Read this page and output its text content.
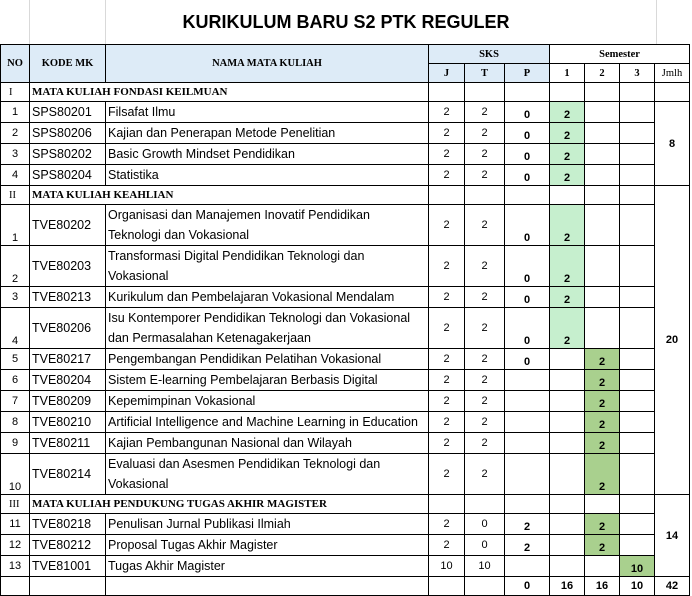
KURIKULUM BARU S2 PTK REGULER
NO	KODE MK	NAMA MATA KULIAH	SKS			Semester			
			J	T	P	1	2	3	Jmlh
I	MATA KULIAH FONDASI KEILMUAN								
1	SPS80201	Filsafat Ilmu	2	2	0	2			8
2	SPS80206	Kajian dan Penerapan Metode Penelitian	2	2	0	2			
3	SPS80202	Basic Growth Mindset Pendidikan	2	2	0	2			
4	SPS80204	Statistika	2	2	0	2			
II	MATA KULIAH KEAHLIAN								20
1	TVE80202	Organisasi dan Manajemen Inovatif Pendidikan Teknologi dan Vokasional	2	2	0	2			
2	TVE80203	Transformasi Digital Pendidikan Teknologi dan Vokasional	2	2	0	2			
3	TVE80213	Kurikulum dan Pembelajaran Vokasional Mendalam	2	2	0	2			
4	TVE80206	Isu Kontemporer Pendidikan Teknologi dan Vokasional dan Permasalahan Ketenagakerjaan	2	2	0	2			
5	TVE80217	Pengembangan Pendidikan Pelatihan Vokasional	2	2	0		2		
6	TVE80204	Sistem E-learning Pembelajaran Berbasis Digital	2	2			2		
7	TVE80209	Kepemimpinan Vokasional	2	2			2		
8	TVE80210	Artificial Intelligence and Machine Learning in Education	2	2			2		
9	TVE80211	Kajian Pembangunan Nasional dan Wilayah	2	2			2		
10	TVE80214	Evaluasi dan Asesmen Pendidikan Teknologi dan Vokasional	2	2			2		
III	MATA KULIAH PENDUKUNG TUGAS AKHIR MAGISTER								14
11	TVE80218	Penulisan Jurnal Publikasi Ilmiah	2	0	2		2		
12	TVE80212	Proposal Tugas Akhir Magister	2	0	2		2		
13	TVE81001	Tugas Akhir Magister	10	10				10	
					0	16	16	10	42
